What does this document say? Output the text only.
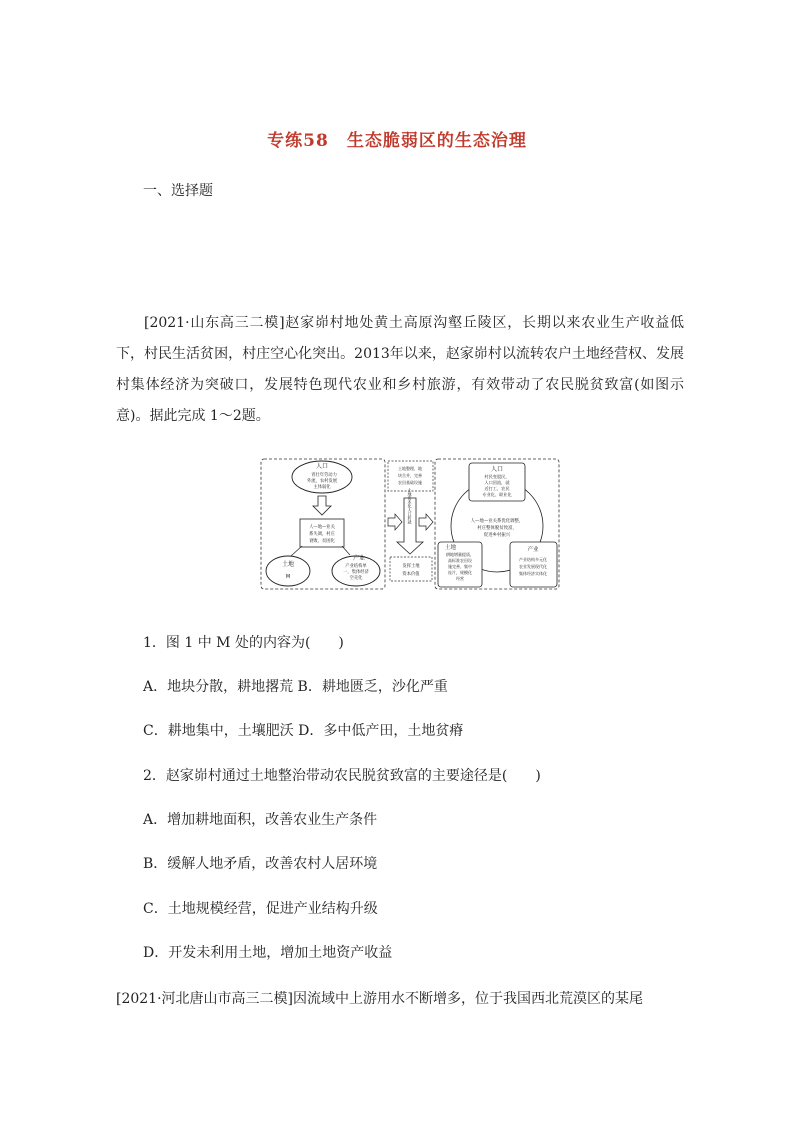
专练58　生态脆弱区的生态治理
一、选择题
[2021·山东高三二模]赵家峁村地处黄土高原沟壑丘陵区，长期以来农业生产收益低下，村民生活贫困，村庄空心化突出。2013年以来，赵家峁村以流转农户土地经营权、发展村集体经济为突破口，发展特色现代农业和乡村旅游，有效带动了农民脱贫致富(如图示意)。据此完成 1～2题。
人口
青壮年劳动力
外流，农村发展
主体弱化
人—地—业关
系失调，村庄
衰败、贫困化
土地
M
产业
产业结构单
一，集体经济
空壳化
土地整理，地
块合并，完善
农田基础设施
土地资本化人口转就
发挥土地
资本价值
人口
村民变股民，
人口回流，就
近打工，农民
专业化、职业化
人—地—业关系优化调整，
村庄整体脱贫致富，
促进乡村振兴
土地
耕地增量提质，
高标准农田设
施完善，集中
连片，规模化
经营
产业
产业结构多元化
农业发展现代化
集体经济实体化
1．图 1 中 M 处的内容为(　　)
A．地块分散，耕地撂荒 B．耕地匮乏，沙化严重
C．耕地集中，土壤肥沃 D．多中低产田，土地贫瘠
2．赵家峁村通过土地整治带动农民脱贫致富的主要途径是(　　)
A．增加耕地面积，改善农业生产条件
B．缓解人地矛盾，改善农村人居环境
C．土地规模经营，促进产业结构升级
D．开发未利用土地，增加土地资产收益
[2021·河北唐山市高三二模]因流域中上游用水不断增多，位于我国西北荒漠区的某尾
